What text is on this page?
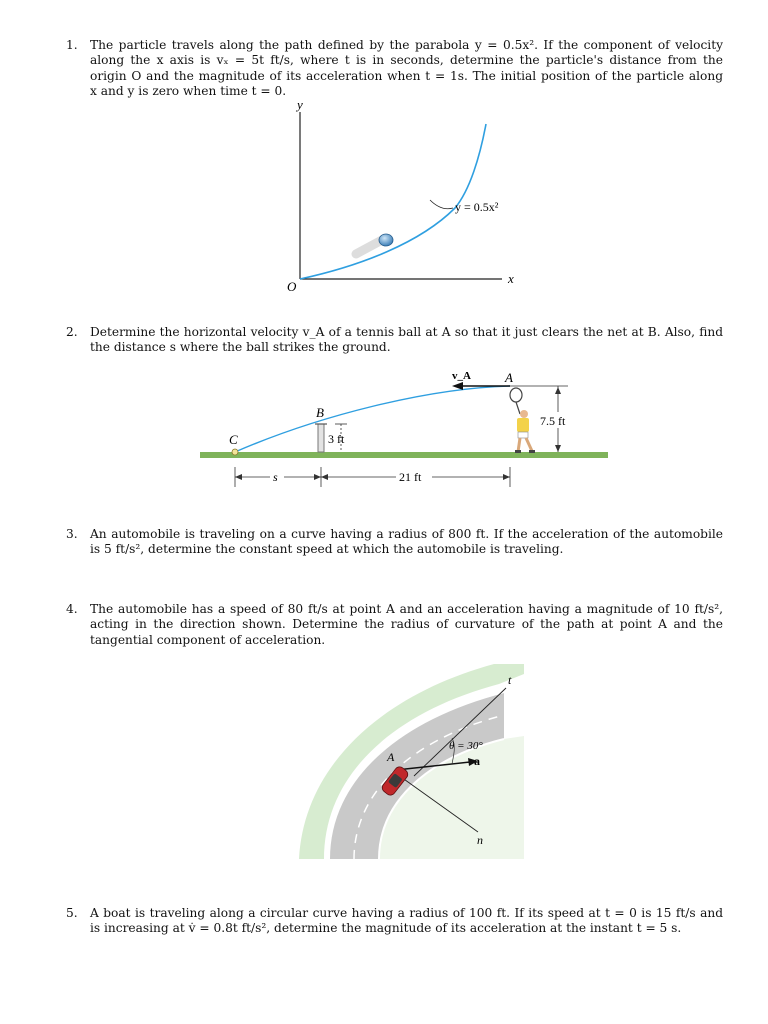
1.	The particle travels along the path defined by the parabola y = 0.5x². If the component of velocity
along the x axis is vₓ = 5t ft/s, where t is in seconds, determine the particle's distance from the
origin O and the magnitude of its acceleration when t = 1s. The initial position of the particle along
x and y is zero when time t = 0.
y
x
O
y = 0.5x²
2.	Determine the horizontal velocity v_A of a tennis ball at A so that it just clears the net at B. Also, find
the distance s where the ball strikes the ground.
C
B
3 ft
v_A	A
7.5 ft
s	21 ft
3.	An automobile is traveling on a curve having a radius of 800 ft. If the acceleration of the automobile
is 5 ft/s², determine the constant speed at which the automobile is traveling.
4.	The automobile has a speed of 80 ft/s at point A and an acceleration having a magnitude of 10 ft/s²,
acting in the direction shown. Determine the radius of curvature of the path at point A and the
tangential component of acceleration.
t
n
a
θ = 30°
A
5.	A boat is traveling along a circular curve having a radius of 100 ft. If its speed at t = 0 is 15 ft/s and
is increasing at v̇ = 0.8t ft/s², determine the magnitude of its acceleration at the instant t = 5 s.
